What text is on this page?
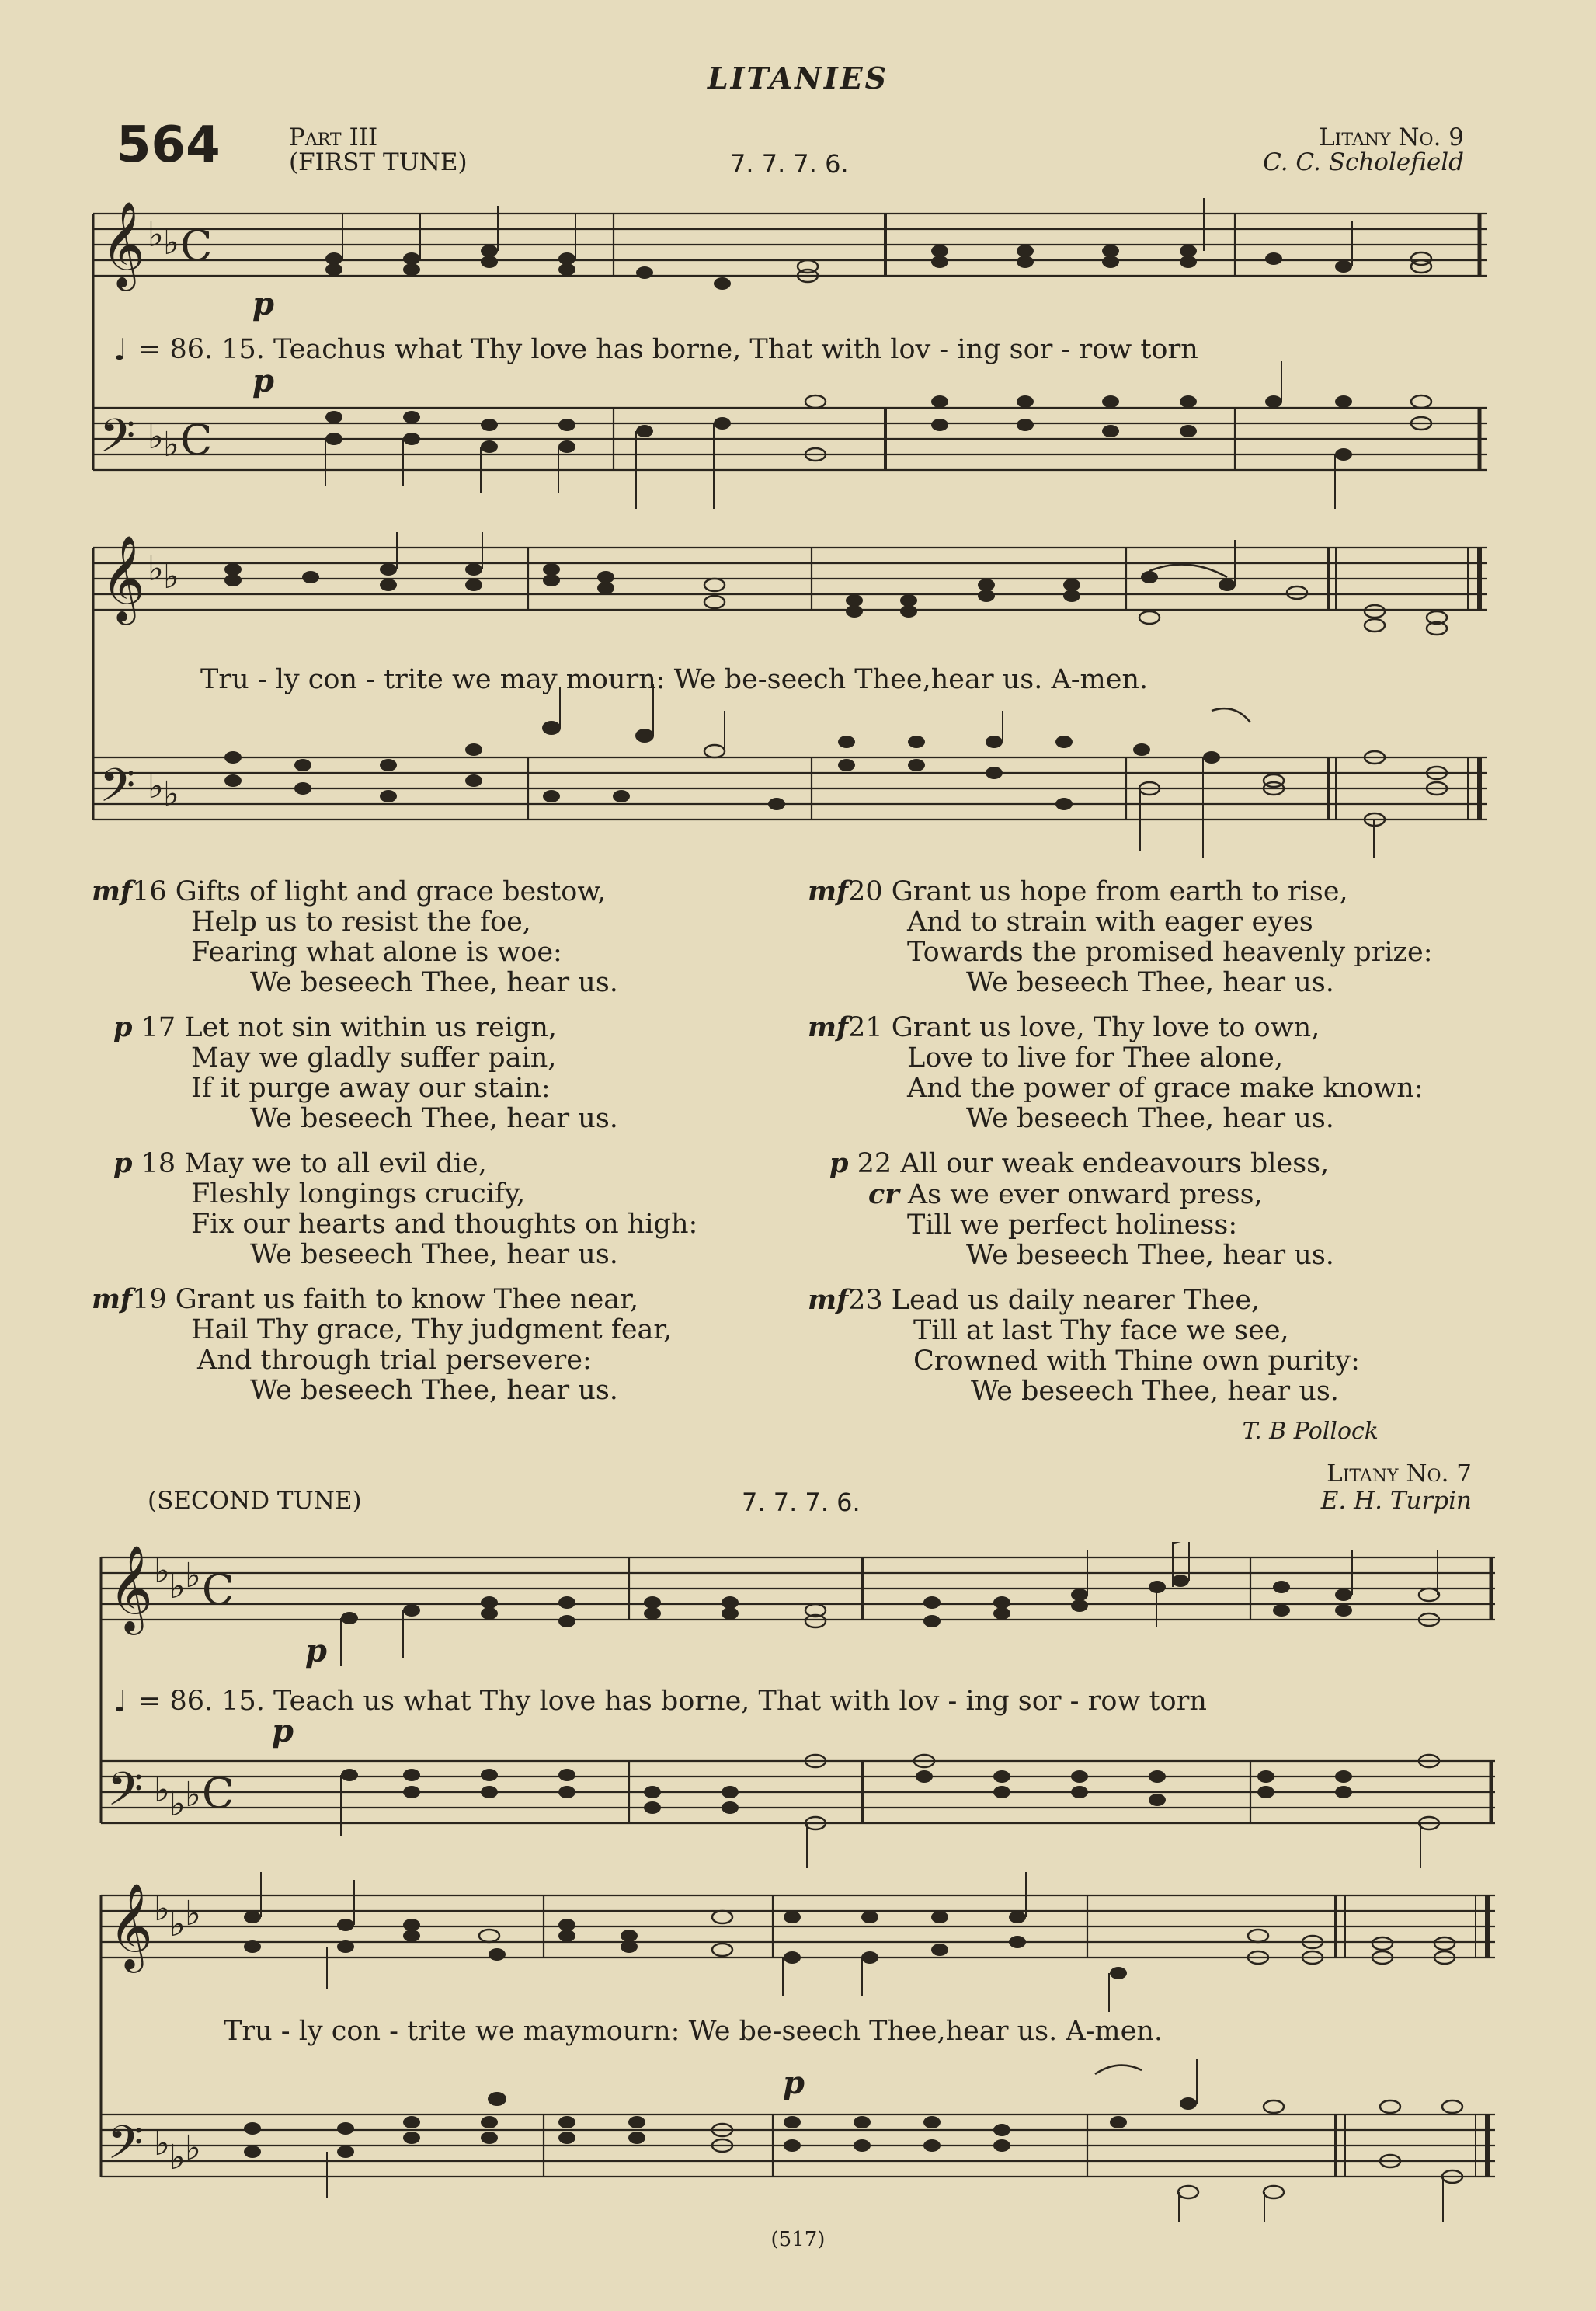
LITANIES
564	Part III
(FIRST TUNE)	7. 7. 7. 6.
Litany No. 9
C. C. Scholefield
𝄞
𝄢
♭ ♭
♭ ♭
C
C
p
♩ = 86. 15. Teachus what Thy love has borne, That with lov - ing sor - row torn
p
𝄞
𝄢
♭ ♭
♭ ♭
Tru - ly con - trite we may mourn: We be-seech Thee,hear us. A-men.
mf16 Gifts of light and grace bestow,
Help us to resist the foe,
Fearing what alone is woe:
We beseech Thee, hear us.
p 17 Let not sin within us reign,
May we gladly suffer pain,
If it purge away our stain:
We beseech Thee, hear us.
p 18 May we to all evil die,
Fleshly longings crucify,
Fix our hearts and thoughts on high:
We beseech Thee, hear us.
mf19 Grant us faith to know Thee near,
Hail Thy grace, Thy judgment fear,
And through trial persevere:
We beseech Thee, hear us.
mf20 Grant us hope from earth to rise,
And to strain with eager eyes
Towards the promised heavenly prize:
We beseech Thee, hear us.
mf21 Grant us love, Thy love to own,
Love to live for Thee alone,
And the power of grace make known:
We beseech Thee, hear us.
p 22 All our weak endeavours bless,
cr As we ever onward press,
Till we perfect holiness:
We beseech Thee, hear us.
mf23 Lead us daily nearer Thee,
Till at last Thy face we see,
Crowned with Thine own purity:
We beseech Thee, hear us.
T. B Pollock
(SECOND TUNE)	7. 7. 7. 6.
Litany No. 7
E. H. Turpin
𝄞
𝄢
♭ ♭ ♭
♭ ♭ ♭
C
C
p
♩ = 86. 15. Teach us what Thy love has borne, That with lov - ing sor - row torn
p
𝄞
𝄢
♭ ♭ ♭
♭ ♭ ♭
Tru - ly con - trite we maymourn: We be-seech Thee,hear us. A-men.
p
(517)
